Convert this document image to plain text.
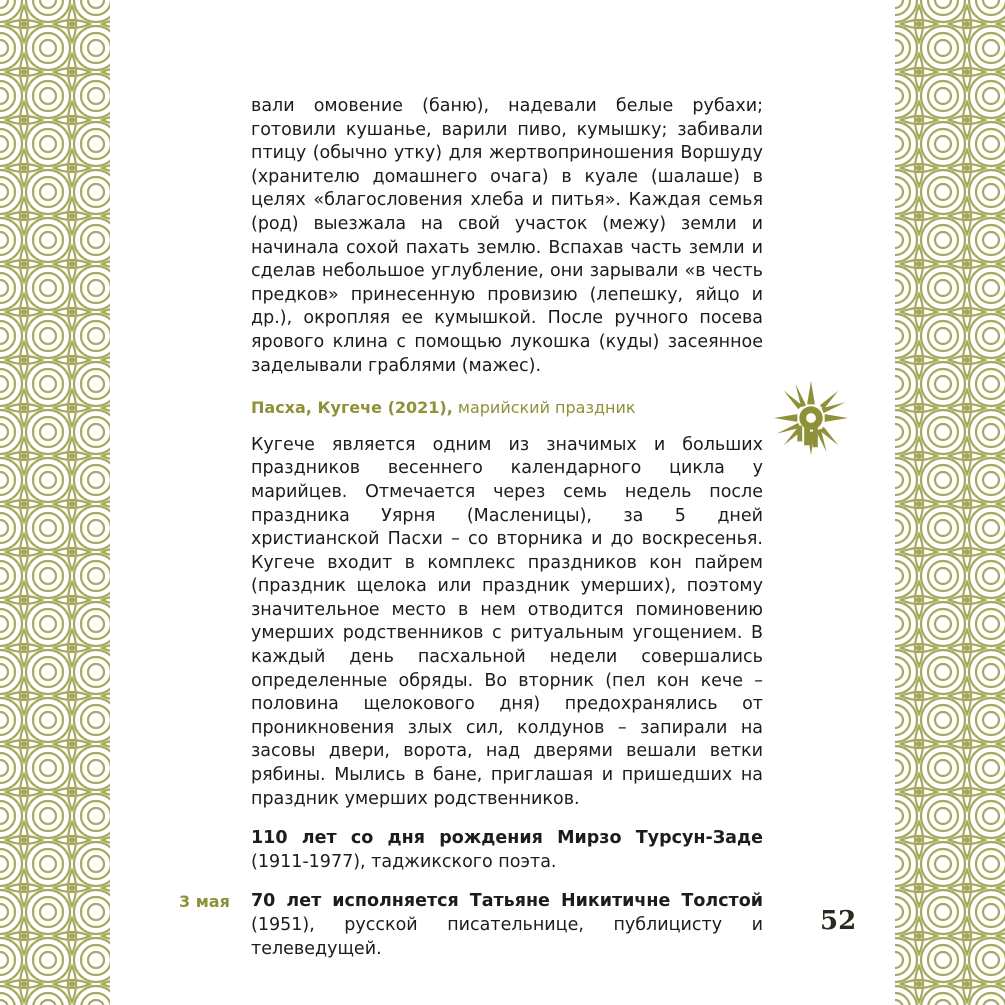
вали омовение (баню), надевали белые рубахи; готовили кушанье, варили пиво, кумышку; забивали птицу (обычно утку) для жертвоприношения Воршуду (хранителю домашнего очага) в куале (шалаше) в целях «благословения хлеба и питья». Каждая семья (род) выезжала на свой участок (межу) земли и начинала сохой пахать землю. Вспахав часть земли и сделав небольшое углубление, они зарывали «в честь предков» принесенную провизию (лепешку, яйцо и др.), окропляя ее кумышкой. После ручного посева ярового клина с помощью лукошка (куды) засеянное заделывали граблями (мажес).

Пасха, Кугече (2021), марийский праздник

Кугече является одним из значимых и больших праздников весеннего календарного цикла у марийцев. Отмечается через семь недель после праздника Уярня (Масленицы), за 5 дней христианской Пасхи – со вторника и до воскресенья. Кугече входит в комплекс праздников кон пайрем (праздник щелока или праздник умерших), поэтому значительное место в нем отводится поминовению умерших родственников с ритуальным угощением. В каждый день пасхальной недели совершались определенные обряды. Во вторник (пел кон кече – половина щелокового дня) предохранялись от проникновения злых сил, колдунов – запирали на засовы двери, ворота, над дверями вешали ветки рябины. Мылись в бане, приглашая и пришедших на праздник умерших родственников.

110 лет со дня рождения Мирзо Турсун-Заде (1911-1977), таджикского поэта.

3 мая 70 лет исполняется Татьяне Никитичне Толстой (1951), русской писательнице, публицисту и телеведущей.

52
